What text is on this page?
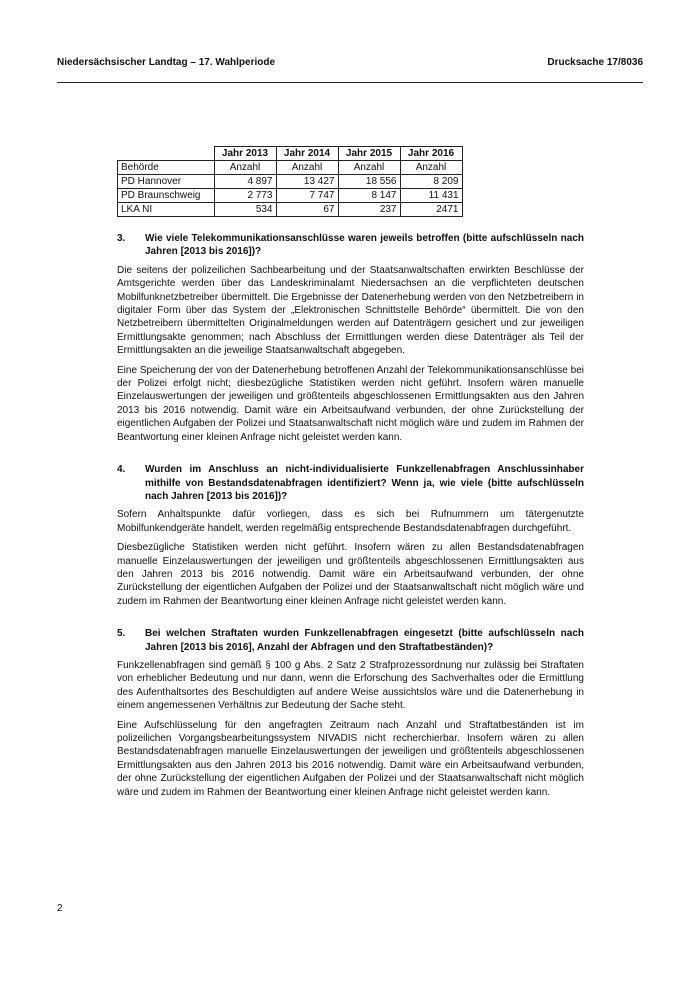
Niedersächsischer Landtag – 17. Wahlperiode	Drucksache 17/8036
	Jahr 2013	Jahr 2014	Jahr 2015	Jahr 2016
Behörde	Anzahl	Anzahl	Anzahl	Anzahl
PD Hannover	4 897	13 427	18 556	8 209
PD Braunschweig	2 773	7 747	8 147	11 431
LKA NI	534	67	237	2471
3.	Wie viele Telekommunikationsanschlüsse waren jeweils betroffen (bitte aufschlüsseln nach Jahren [2013 bis 2016])?

Die seitens der polizeilichen Sachbearbeitung und der Staatsanwaltschaften erwirkten Beschlüsse der Amtsgerichte werden über das Landeskriminalamt Niedersachsen an die verpflichteten deutschen Mobilfunknetzbetreiber übermittelt. Die Ergebnisse der Datenerhebung werden von den Netzbetreibern in digitaler Form über das System der „Elektronischen Schnittstelle Behörde“ übermittelt. Die von den Netzbetreibern übermittelten Originalmeldungen werden auf Datenträgern gesichert und zur jeweiligen Ermittlungsakte genommen; nach Abschluss der Ermittlungen werden diese Datenträger als Teil der Ermittlungsakten an die jeweilige Staatsanwaltschaft abgegeben.

Eine Speicherung der von der Datenerhebung betroffenen Anzahl der Telekommunikationsanschlüsse bei der Polizei erfolgt nicht; diesbezügliche Statistiken werden nicht geführt. Insofern wären manuelle Einzelauswertungen der jeweiligen und größtenteils abgeschlossenen Ermittlungsakten aus den Jahren 2013 bis 2016 notwendig. Damit wäre ein Arbeitsaufwand verbunden, der ohne Zurückstellung der eigentlichen Aufgaben der Polizei und Staatsanwaltschaft nicht möglich wäre und zudem im Rahmen der Beantwortung einer kleinen Anfrage nicht geleistet werden kann.

4.	Wurden im Anschluss an nicht-individualisierte Funkzellenabfragen Anschlussinhaber mithilfe von Bestandsdatenabfragen identifiziert? Wenn ja, wie viele (bitte aufschlüsseln nach Jahren [2013 bis 2016])?

Sofern Anhaltspunkte dafür vorliegen, dass es sich bei Rufnummern um tätergenutzte Mobilfunkendgeräte handelt, werden regelmäßig entsprechende Bestandsdatenabfragen durchgeführt.

Diesbezügliche Statistiken werden nicht geführt. Insofern wären zu allen Bestandsdatenabfragen manuelle Einzelauswertungen der jeweiligen und größtenteils abgeschlossenen Ermittlungsakten aus den Jahren 2013 bis 2016 notwendig. Damit wäre ein Arbeitsaufwand verbunden, der ohne Zurückstellung der eigentlichen Aufgaben der Polizei und der Staatsanwaltschaft nicht möglich wäre und zudem im Rahmen der Beantwortung einer kleinen Anfrage nicht geleistet werden kann.

5.	Bei welchen Straftaten wurden Funkzellenabfragen eingesetzt (bitte aufschlüsseln nach Jahren [2013 bis 2016], Anzahl der Abfragen und den Straftatbeständen)?

Funkzellenabfragen sind gemäß § 100 g Abs. 2 Satz 2 Strafprozessordnung nur zulässig bei Straftaten von erheblicher Bedeutung und nur dann, wenn die Erforschung des Sachverhaltes oder die Ermittlung des Aufenthaltsortes des Beschuldigten auf andere Weise aussichtslos wäre und die Datenerhebung in einem angemessenen Verhältnis zur Bedeutung der Sache steht.

Eine Aufschlüsselung für den angefragten Zeitraum nach Anzahl und Straftatbeständen ist im polizeilichen Vorgangsbearbeitungssystem NIVADIS nicht recherchierbar. Insofern wären zu allen Bestandsdatenabfragen manuelle Einzelauswertungen der jeweiligen und größtenteils abgeschlossenen Ermittlungsakten aus den Jahren 2013 bis 2016 notwendig. Damit wäre ein Arbeitsaufwand verbunden, der ohne Zurückstellung der eigentlichen Aufgaben der Polizei und der Staatsanwaltschaft nicht möglich wäre und zudem im Rahmen der Beantwortung einer kleinen Anfrage nicht geleistet werden kann.

2
